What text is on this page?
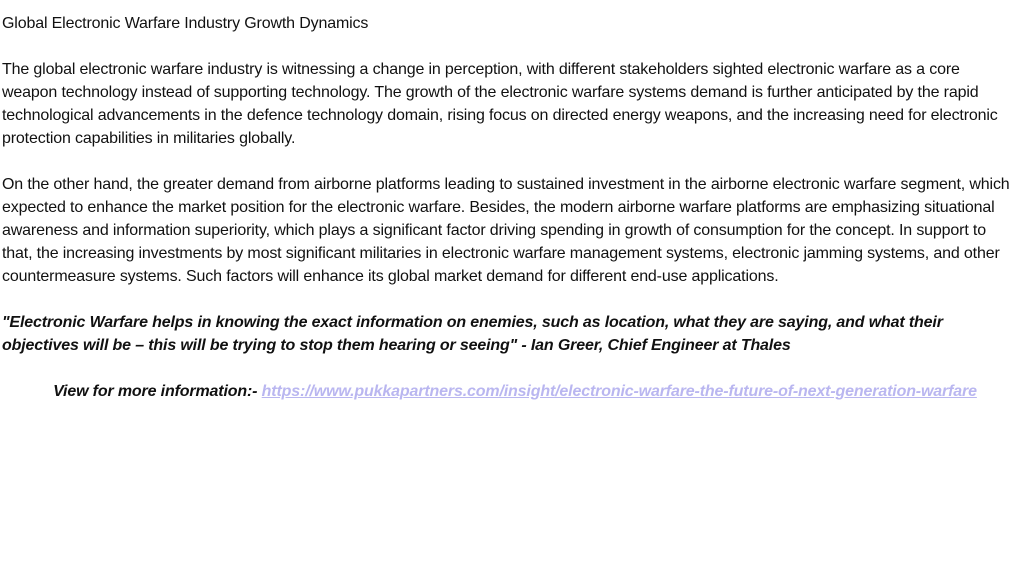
Global Electronic Warfare Industry Growth Dynamics

The global electronic warfare industry is witnessing a change in perception, with different stakeholders sighted electronic warfare as a core weapon technology instead of supporting technology. The growth of the electronic warfare systems demand is further anticipated by the rapid technological advancements in the defence technology domain, rising focus on directed energy weapons, and the increasing need for electronic protection capabilities in militaries globally.

On the other hand, the greater demand from airborne platforms leading to sustained investment in the airborne electronic warfare segment, which expected to enhance the market position for the electronic warfare. Besides, the modern airborne warfare platforms are emphasizing situational awareness and information superiority, which plays a significant factor driving spending in growth of consumption for the concept. In support to that, the increasing investments by most significant militaries in electronic warfare management systems, electronic jamming systems, and other countermeasure systems. Such factors will enhance its global market demand for different end-use applications.

"Electronic Warfare helps in knowing the exact information on enemies, such as location, what they are saying, and what their objectives will be – this will be trying to stop them hearing or seeing" - Ian Greer, Chief Engineer at Thales

View for more information:- https://www.pukkapartners.com/insight/electronic-warfare-the-future-of-next-generation-warfare
